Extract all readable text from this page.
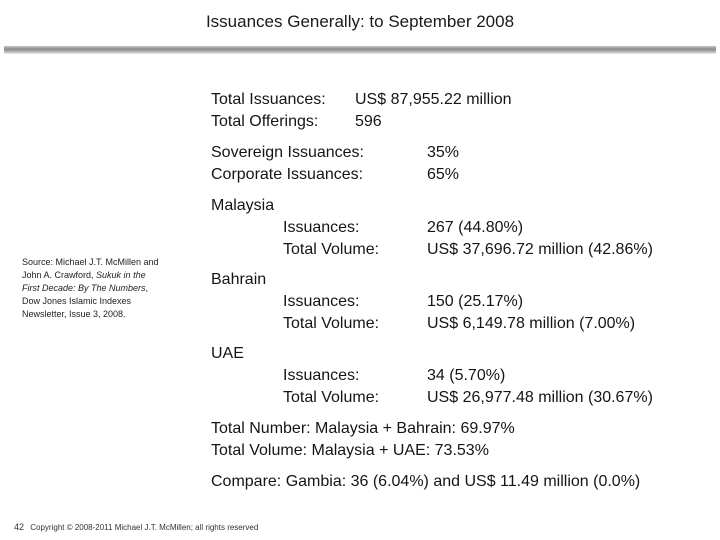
Issuances Generally: to September 2008
Total Issuances: US$ 87,955.22 million
Total Offerings: 596
Sovereign Issuances:	35%
Corporate Issuances:	65%
Malaysia
Issuances:	267 (44.80%)
Total Volume:	US$ 37,696.72 million (42.86%)
Bahrain
Issuances:	150 (25.17%)
Total Volume:	US$ 6,149.78 million (7.00%)
UAE
Issuances:	34 (5.70%)
Total Volume:	US$ 26,977.48 million (30.67%)
Total Number: Malaysia + Bahrain: 69.97%
Total Volume: Malaysia + UAE: 73.53%
Compare: Gambia: 36 (6.04%) and US$ 11.49 million (0.0%)
Source: Michael J.T. McMillen and John A. Crawford, Sukuk in the First Decade: By The Numbers, Dow Jones Islamic Indexes Newsletter, Issue 3, 2008.
42 Copyright © 2008-2011 Michael J.T. McMillen; all rights reserved
